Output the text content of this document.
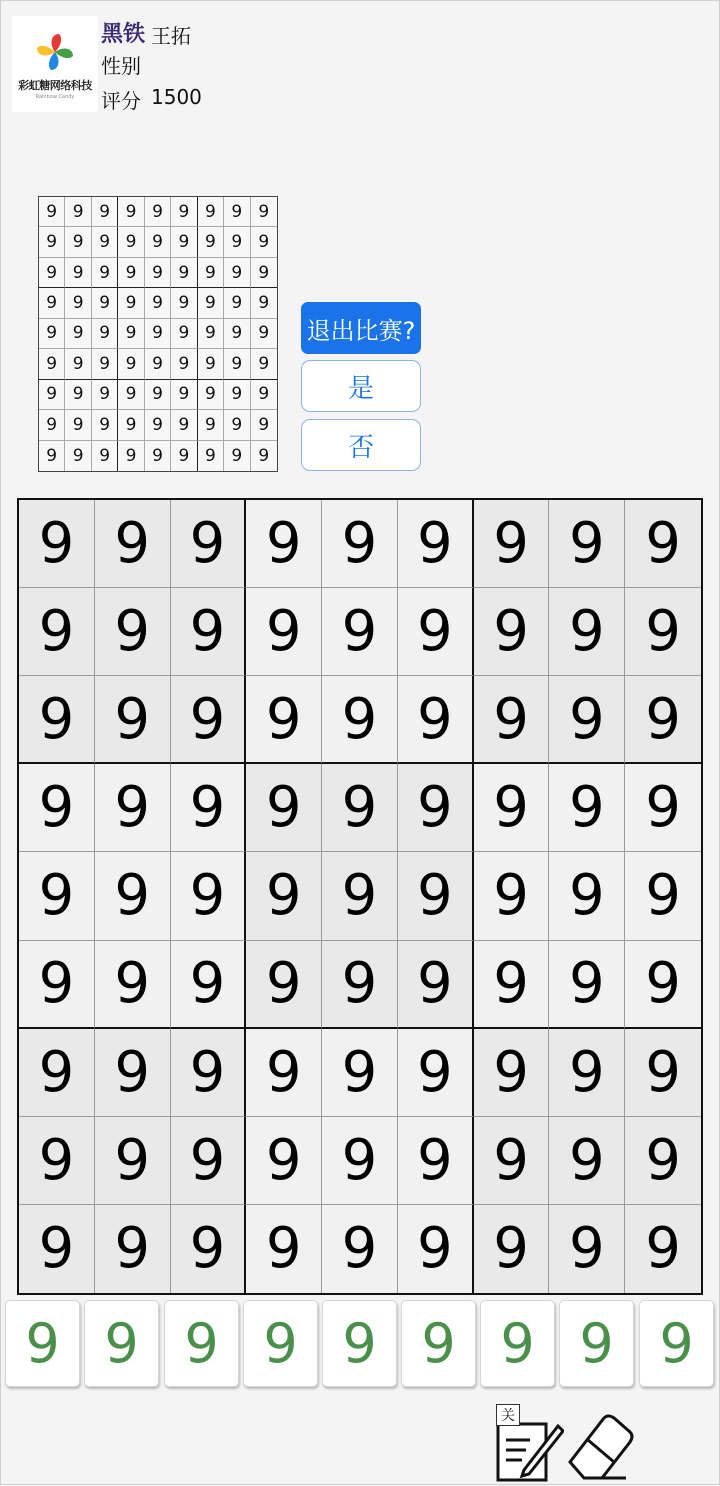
彩虹糖网络科技
Rainbow Candy
黑铁 王拓
性别
评分 1500
9 9 9 9 9 9 9 9 9
9 9 9 9 9 9 9 9 9
9 9 9 9 9 9 9 9 9
9 9 9 9 9 9 9 9 9
9 9 9 9 9 9 9 9 9
9 9 9 9 9 9 9 9 9
9 9 9 9 9 9 9 9 9
9 9 9 9 9 9 9 9 9
9 9 9 9 9 9 9 9 9
退出比赛?
是
否
9 9 9 9 9 9 9 9 9
9 9 9 9 9 9 9 9 9
9 9 9 9 9 9 9 9 9
9 9 9 9 9 9 9 9 9
9 9 9 9 9 9 9 9 9
9 9 9 9 9 9 9 9 9
9 9 9 9 9 9 9 9 9
9 9 9 9 9 9 9 9 9
9 9 9 9 9 9 9 9 9
9 9 9 9 9 9 9 9 9
关
